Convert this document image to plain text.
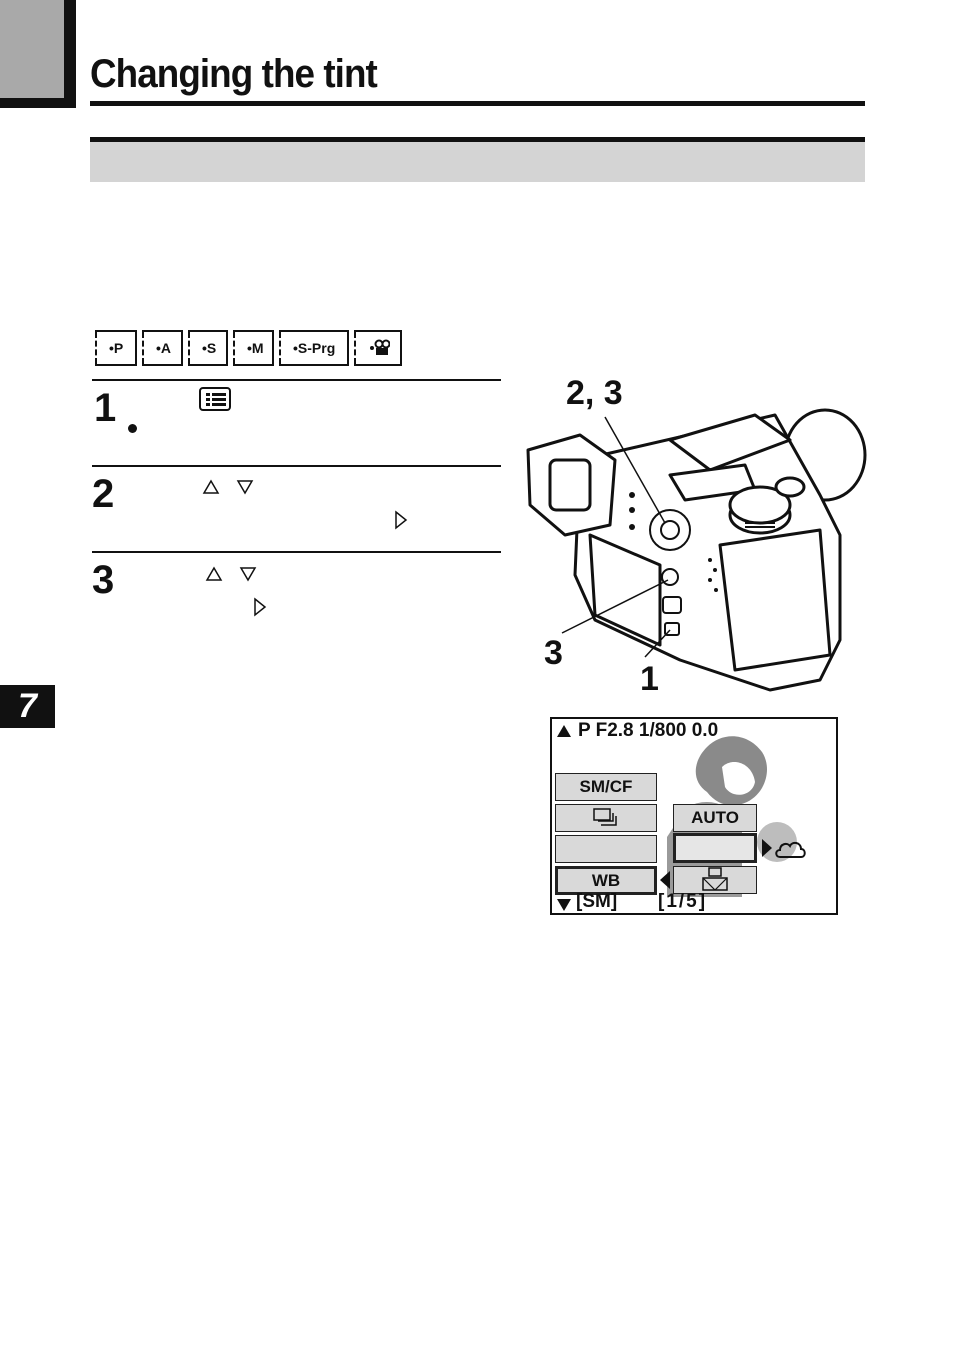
Changing the tint
• P	• A	• S	• M	• S-Prg
1
2
3
7
2, 3
3
1
P F2.8 1/800 0.0
SM/CF
WB
AUTO
[SM] [1/5]
